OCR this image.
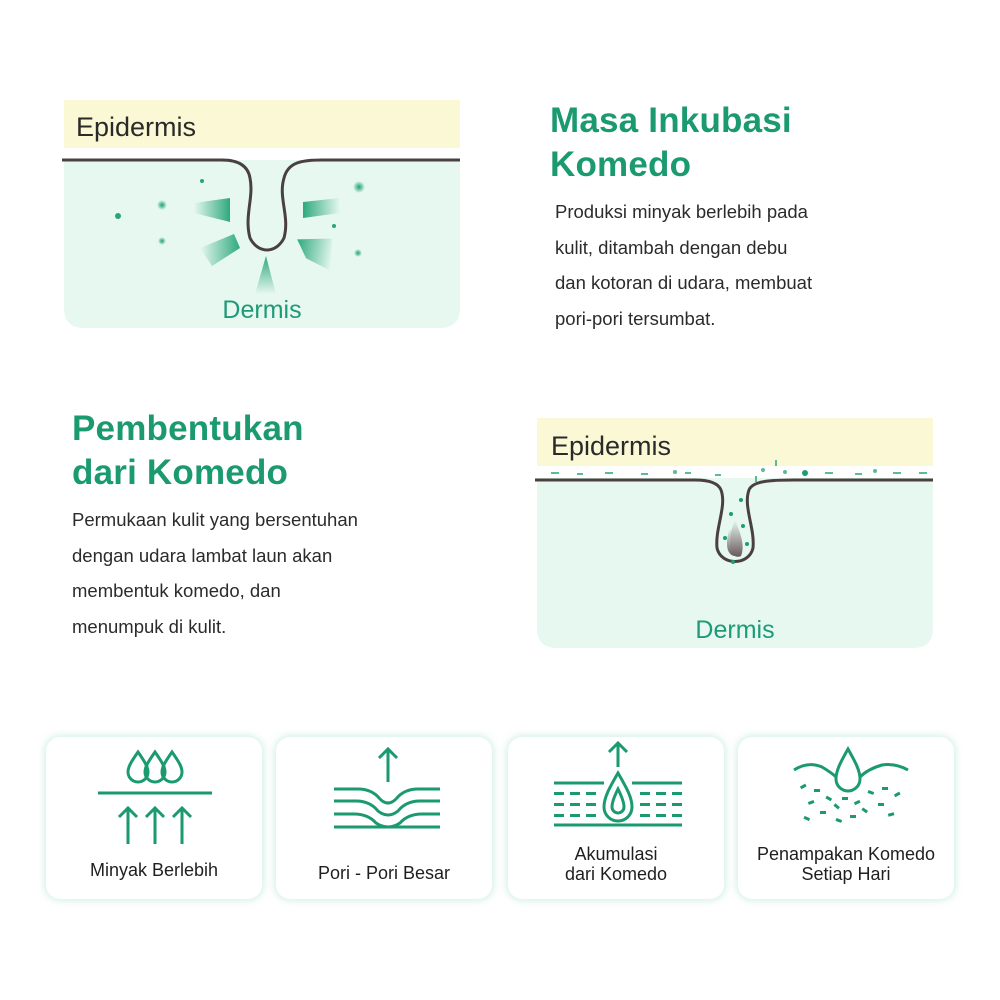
Epidermis
Dermis
Masa Inkubasi
Komedo
Produksi minyak berlebih pada
kulit, ditambah dengan debu
dan kotoran di udara, membuat
pori-pori tersumbat.
Pembentukan
dari Komedo
Permukaan kulit yang bersentuhan
dengan udara lambat laun akan
membentuk komedo, dan
menumpuk di kulit.
Epidermis
Dermis
Minyak Berlebih	Pori - Pori Besar
Akumulasi
dari Komedo
Penampakan Komedo
Setiap Hari
